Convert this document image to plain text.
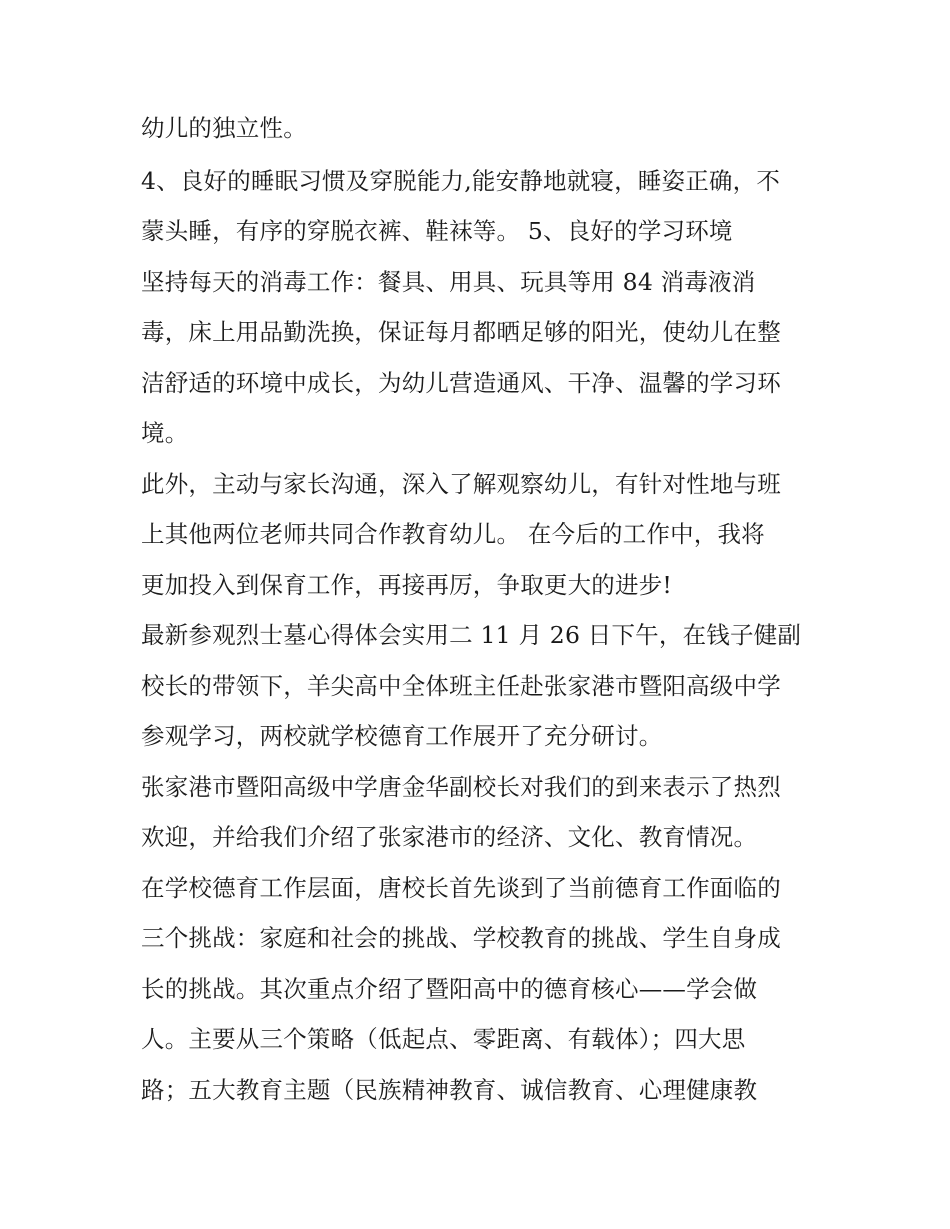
幼儿的独立性。

4、良好的睡眠习惯及穿脱能力,能安静地就寝，睡姿正确，不

蒙头睡，有序的穿脱衣裤、鞋袜等。 5、良好的学习环境

坚持每天的消毒工作：餐具、用具、玩具等用 84 消毒液消

毒，床上用品勤洗换，保证每月都晒足够的阳光，使幼儿在整

洁舒适的环境中成长，为幼儿营造通风、干净、温馨的学习环

境。

此外，主动与家长沟通，深入了解观察幼儿，有针对性地与班

上其他两位老师共同合作教育幼儿。 在今后的工作中，我将

更加投入到保育工作，再接再厉，争取更大的进步!

最新参观烈士墓心得体会实用二 11 月 26 日下午，在钱子健副

校长的带领下，羊尖高中全体班主任赴张家港市暨阳高级中学

参观学习，两校就学校德育工作展开了充分研讨。

张家港市暨阳高级中学唐金华副校长对我们的到来表示了热烈

欢迎，并给我们介绍了张家港市的经济、文化、教育情况。

在学校德育工作层面，唐校长首先谈到了当前德育工作面临的

三个挑战：家庭和社会的挑战、学校教育的挑战、学生自身成

长的挑战。其次重点介绍了暨阳高中的德育核心——学会做

人。主要从三个策略（低起点、零距离、有载体）；四大思

路；五大教育主题（民族精神教育、诚信教育、心理健康教
